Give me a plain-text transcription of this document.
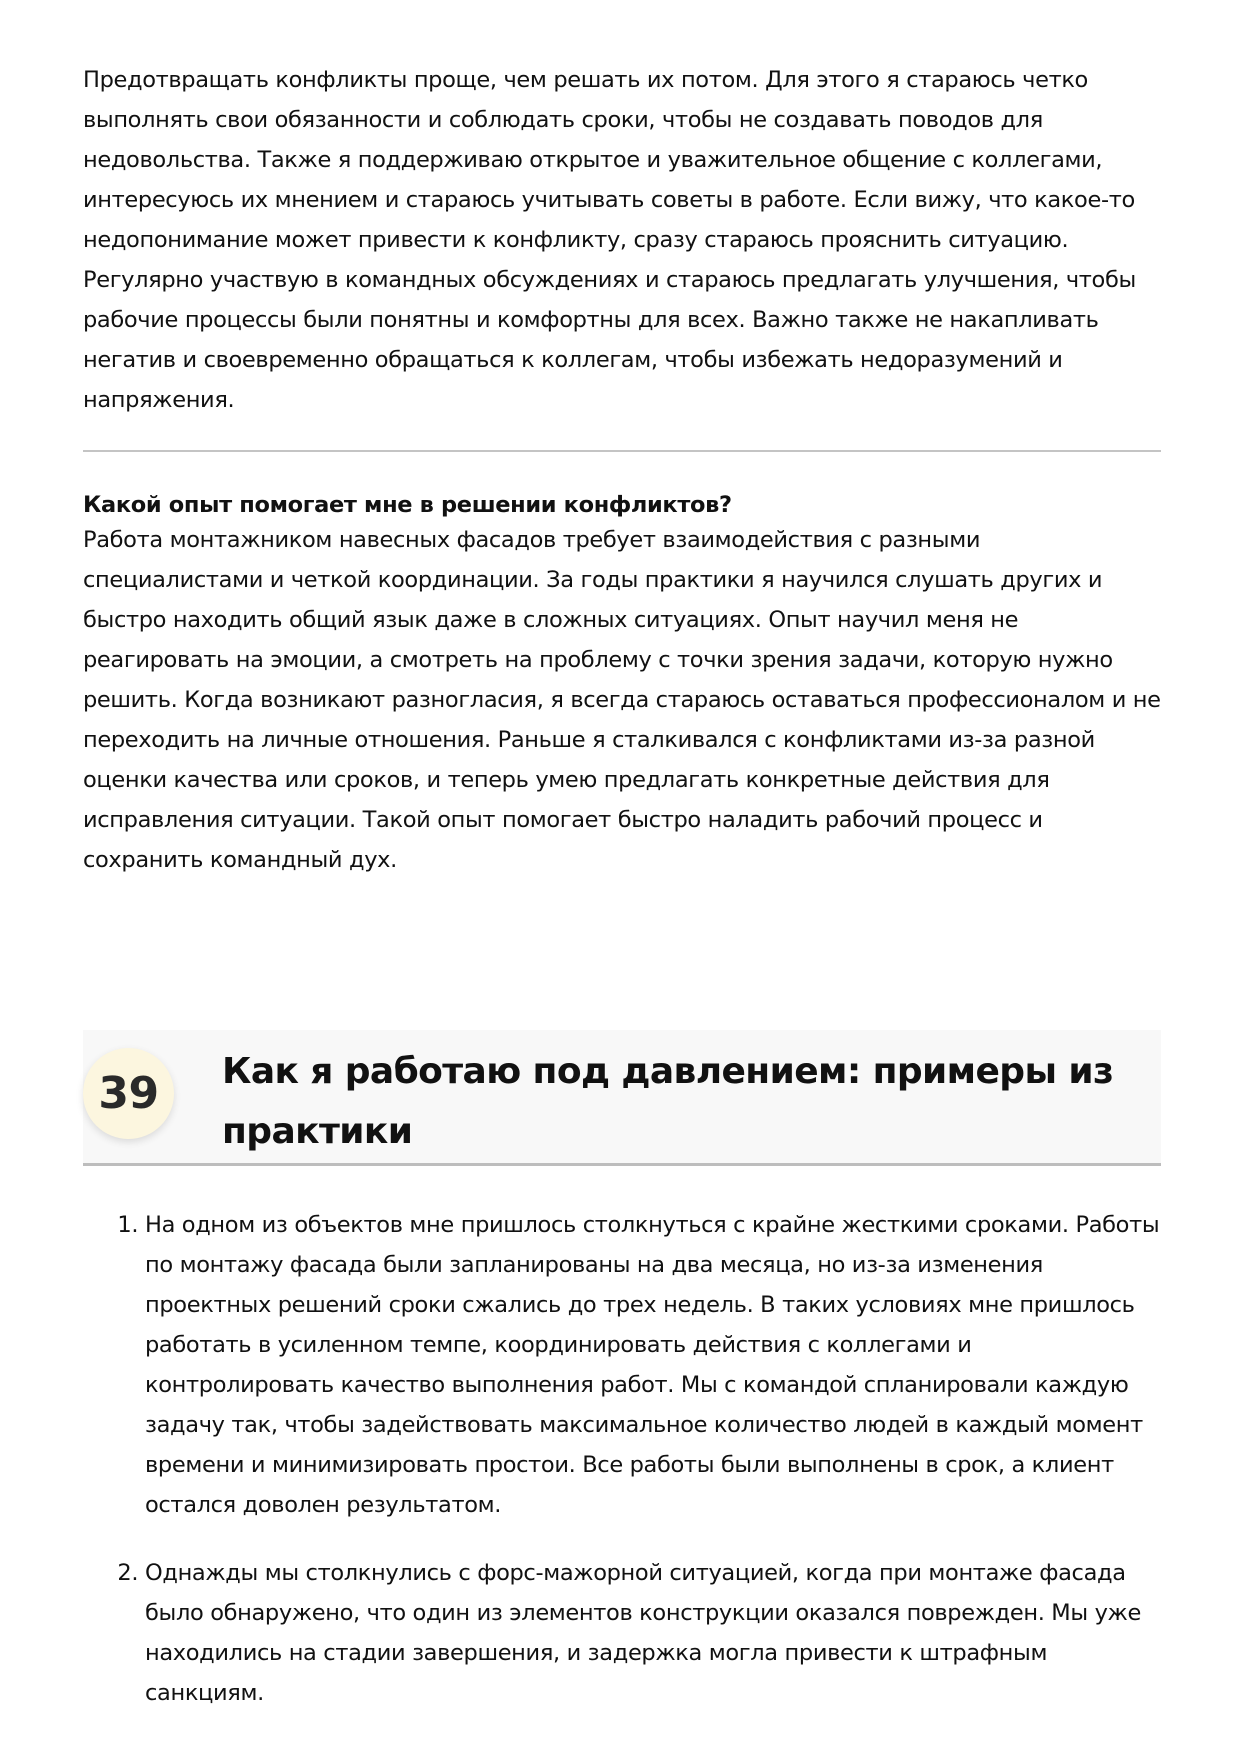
Предотвращать конфликты проще, чем решать их потом. Для этого я стараюсь четко выполнять свои обязанности и соблюдать сроки, чтобы не создавать поводов для недовольства. Также я поддерживаю открытое и уважительное общение с коллегами, интересуюсь их мнением и стараюсь учитывать советы в работе. Если вижу, что какое-то недопонимание может привести к конфликту, сразу стараюсь прояснить ситуацию. Регулярно участвую в командных обсуждениях и стараюсь предлагать улучшения, чтобы рабочие процессы были понятны и комфортны для всех. Важно также не накапливать негатив и своевременно обращаться к коллегам, чтобы избежать недоразумений и напряжения.

Какой опыт помогает мне в решении конфликтов?

Работа монтажником навесных фасадов требует взаимодействия с разными специалистами и четкой координации. За годы практики я научился слушать других и быстро находить общий язык даже в сложных ситуациях. Опыт научил меня не реагировать на эмоции, а смотреть на проблему с точки зрения задачи, которую нужно решить. Когда возникают разногласия, я всегда стараюсь оставаться профессионалом и не переходить на личные отношения. Раньше я сталкивался с конфликтами из-за разной оценки качества или сроков, и теперь умею предлагать конкретные действия для исправления ситуации. Такой опыт помогает быстро наладить рабочий процесс и сохранить командный дух.

39	Как я работаю под давлением: примеры из практики
1. На одном из объектов мне пришлось столкнуться с крайне жесткими сроками. Работы по монтажу фасада были запланированы на два месяца, но из-за изменения проектных решений сроки сжались до трех недель. В таких условиях мне пришлось работать в усиленном темпе, координировать действия с коллегами и контролировать качество выполнения работ. Мы с командой спланировали каждую задачу так, чтобы задействовать максимальное количество людей в каждый момент времени и минимизировать простои. Все работы были выполнены в срок, а клиент остался доволен результатом.
2. Однажды мы столкнулись с форс-мажорной ситуацией, когда при монтаже фасада было обнаружено, что один из элементов конструкции оказался поврежден. Мы уже находились на стадии завершения, и задержка могла привести к штрафным санкциям.
